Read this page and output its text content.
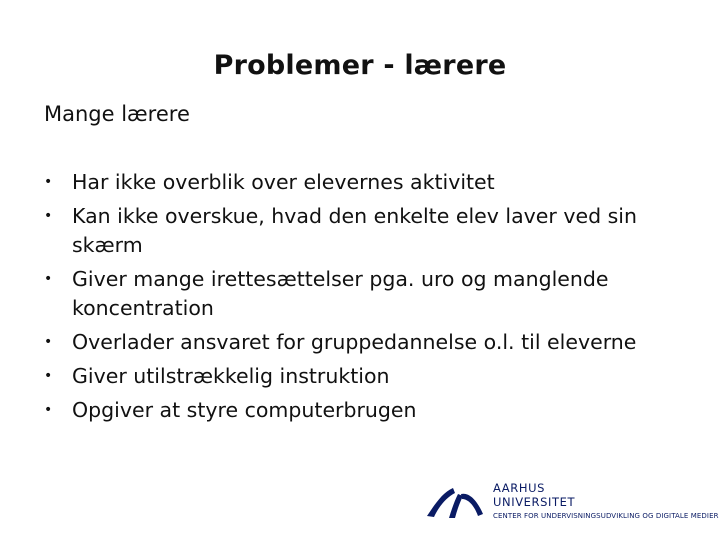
Problemer - lærere
Mange lærere
• Har ikke overblik over elevernes aktivitet
• Kan ikke overskue, hvad den enkelte elev laver ved sin skærm
• Giver mange irettesættelser pga. uro og manglende koncentration
• Overlader ansvaret for gruppedannelse o.l. til eleverne
• Giver utilstrækkelig instruktion
• Opgiver at styre computerbrugen
AARHUS
UNIVERSITET
CENTER FOR UNDERVISNINGSUDVIKLING OG DIGITALE MEDIER
